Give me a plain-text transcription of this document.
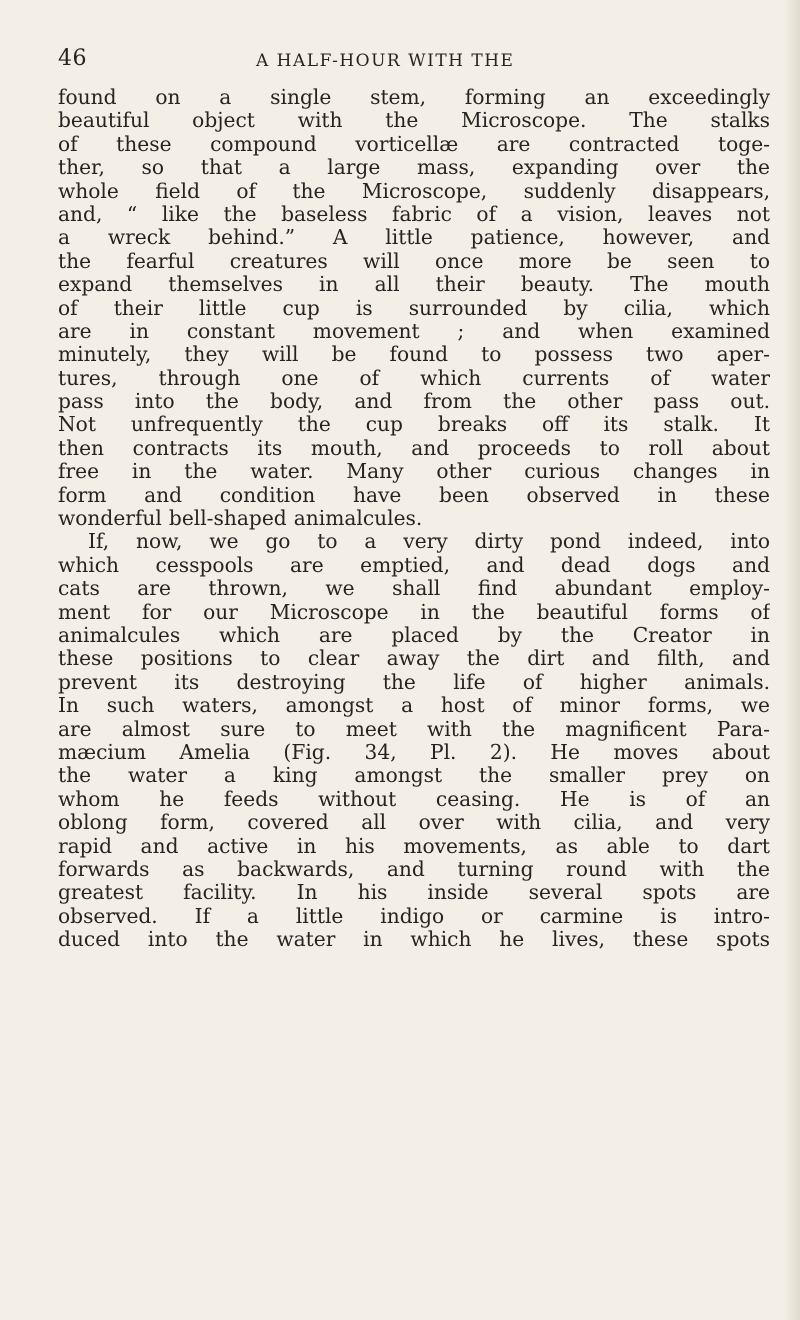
46	A HALF-HOUR WITH THE
found on a single stem, forming an exceedingly
beautiful object with the Microscope. The stalks
of these compound vorticellæ are contracted toge-
ther, so that a large mass, expanding over the
whole field of the Microscope, suddenly disappears,
and, “ like the baseless fabric of a vision, leaves not
a wreck behind.” A little patience, however, and
the fearful creatures will once more be seen to
expand themselves in all their beauty. The mouth
of their little cup is surrounded by cilia, which
are in constant movement ; and when examined
minutely, they will be found to possess two aper-
tures, through one of which currents of water
pass into the body, and from the other pass out.
Not unfrequently the cup breaks off its stalk. It
then contracts its mouth, and proceeds to roll about
free in the water. Many other curious changes in
form and condition have been observed in these
wonderful bell-shaped animalcules.
If, now, we go to a very dirty pond indeed, into
which cesspools are emptied, and dead dogs and
cats are thrown, we shall find abundant employ-
ment for our Microscope in the beautiful forms of
animalcules which are placed by the Creator in
these positions to clear away the dirt and filth, and
prevent its destroying the life of higher animals.
In such waters, amongst a host of minor forms, we
are almost sure to meet with the magnificent Para-
mæcium Amelia (Fig. 34, Pl. 2). He moves about
the water a king amongst the smaller prey on
whom he feeds without ceasing. He is of an
oblong form, covered all over with cilia, and very
rapid and active in his movements, as able to dart
forwards as backwards, and turning round with the
greatest facility. In his inside several spots are
observed. If a little indigo or carmine is intro-
duced into the water in which he lives, these spots
